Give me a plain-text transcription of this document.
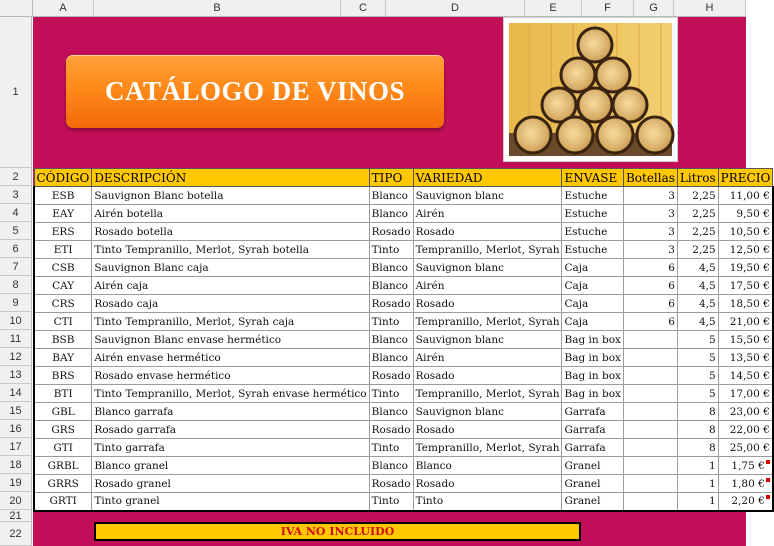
A	B	C	D	E	F	G	H
1
2
3
4
5
6
7
8
9
10
11
12
13
14
15
16
17
18
19
20
21
22
CATÁLOGO DE VINOS
CÓDIGO	DESCRIPCIÓN	TIPO	VARIEDAD	ENVASE	Botellas	Litros	PRECIO
ESB	Sauvignon Blanc botella	Blanco	Sauvignon blanc	Estuche	3	2,25	11,00 €
EAY	Airén botella	Blanco	Airén	Estuche	3	2,25	9,50 €
ERS	Rosado botella	Rosado	Rosado	Estuche	3	2,25	10,50 €
ETI	Tinto Tempranillo, Merlot, Syrah botella	Tinto	Tempranillo, Merlot, Syrah	Estuche	3	2,25	12,50 €
CSB	Sauvignon Blanc caja	Blanco	Sauvignon blanc	Caja	6	4,5	19,50 €
CAY	Airén caja	Blanco	Airén	Caja	6	4,5	17,50 €
CRS	Rosado caja	Rosado	Rosado	Caja	6	4,5	18,50 €
CTI	Tinto Tempranillo, Merlot, Syrah caja	Tinto	Tempranillo, Merlot, Syrah	Caja	6	4,5	21,00 €
BSB	Sauvignon Blanc envase hermético	Blanco	Sauvignon blanc	Bag in box		5	15,50 €
BAY	Airén envase hermético	Blanco	Airén	Bag in box		5	13,50 €
BRS	Rosado envase hermético	Rosado	Rosado	Bag in box		5	14,50 €
BTI	Tinto Tempranillo, Merlot, Syrah envase hermético	Tinto	Tempranillo, Merlot, Syrah	Bag in box		5	17,00 €
GBL	Blanco garrafa	Blanco	Sauvignon blanc	Garrafa		8	23,00 €
GRS	Rosado garrafa	Rosado	Rosado	Garrafa		8	22,00 €
GTI	Tinto garrafa	Tinto	Tempranillo, Merlot, Syrah	Garrafa		8	25,00 €
GRBL	Blanco granel	Blanco	Blanco	Granel		1	1,75 €
GRRS	Rosado granel	Rosado	Rosado	Granel		1	1,80 €
GRTI	Tinto granel	Tinto	Tinto	Granel		1	2,20 €
IVA NO INCLUIDO
